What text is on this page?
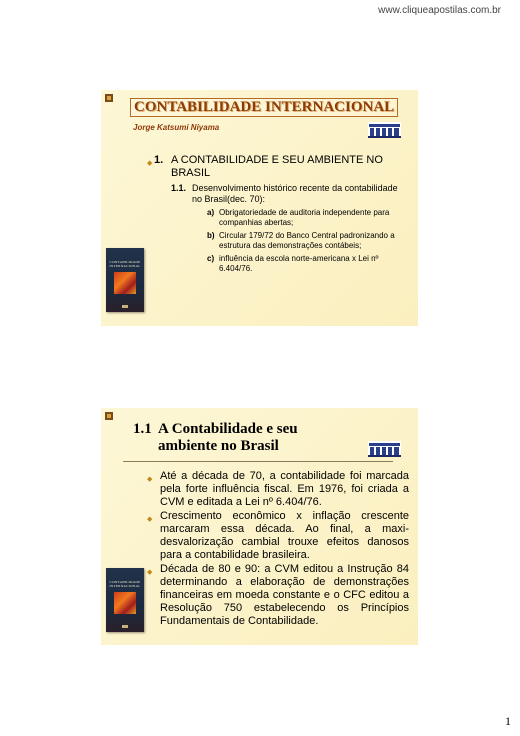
www.cliqueapostilas.com.br
CONTABILIDADE INTERNACIONAL
Jorge Katsumi Niyama
CONTABILIDADE
INTERNACIONAL
◆ 1. A CONTABILIDADE E SEU AMBIENTE NO BRASIL
1.1. Desenvolvimento histórico recente da contabilidade no Brasil(dec. 70):
a) Obrigatoriedade de auditoria independente para companhias abertas;
b) Circular 179/72 do Banco Central padronizando a estrutura das demonstrações contábeis;
c) influência da escola norte-americana x Lei nº 6.404/76.
1.1 A Contabilidade e seu
ambiente no Brasil
CONTABILIDADE
INTERNACIONAL
◆ Até a década de 70, a contabilidade foi marcada pela forte influência fiscal. Em 1976, foi criada a CVM e editada a Lei nº 6.404/76.
◆ Crescimento econômico x inflação crescente marcaram essa década. Ao final, a maxi-desvalorização cambial trouxe efeitos danosos para a contabilidade brasileira.
◆ Década de 80 e 90: a CVM editou a Instrução 84 determinando a elaboração de demonstrações financeiras em moeda constante e o CFC editou a Resolução 750 estabelecendo os Princípios Fundamentais de Contabilidade.
1
